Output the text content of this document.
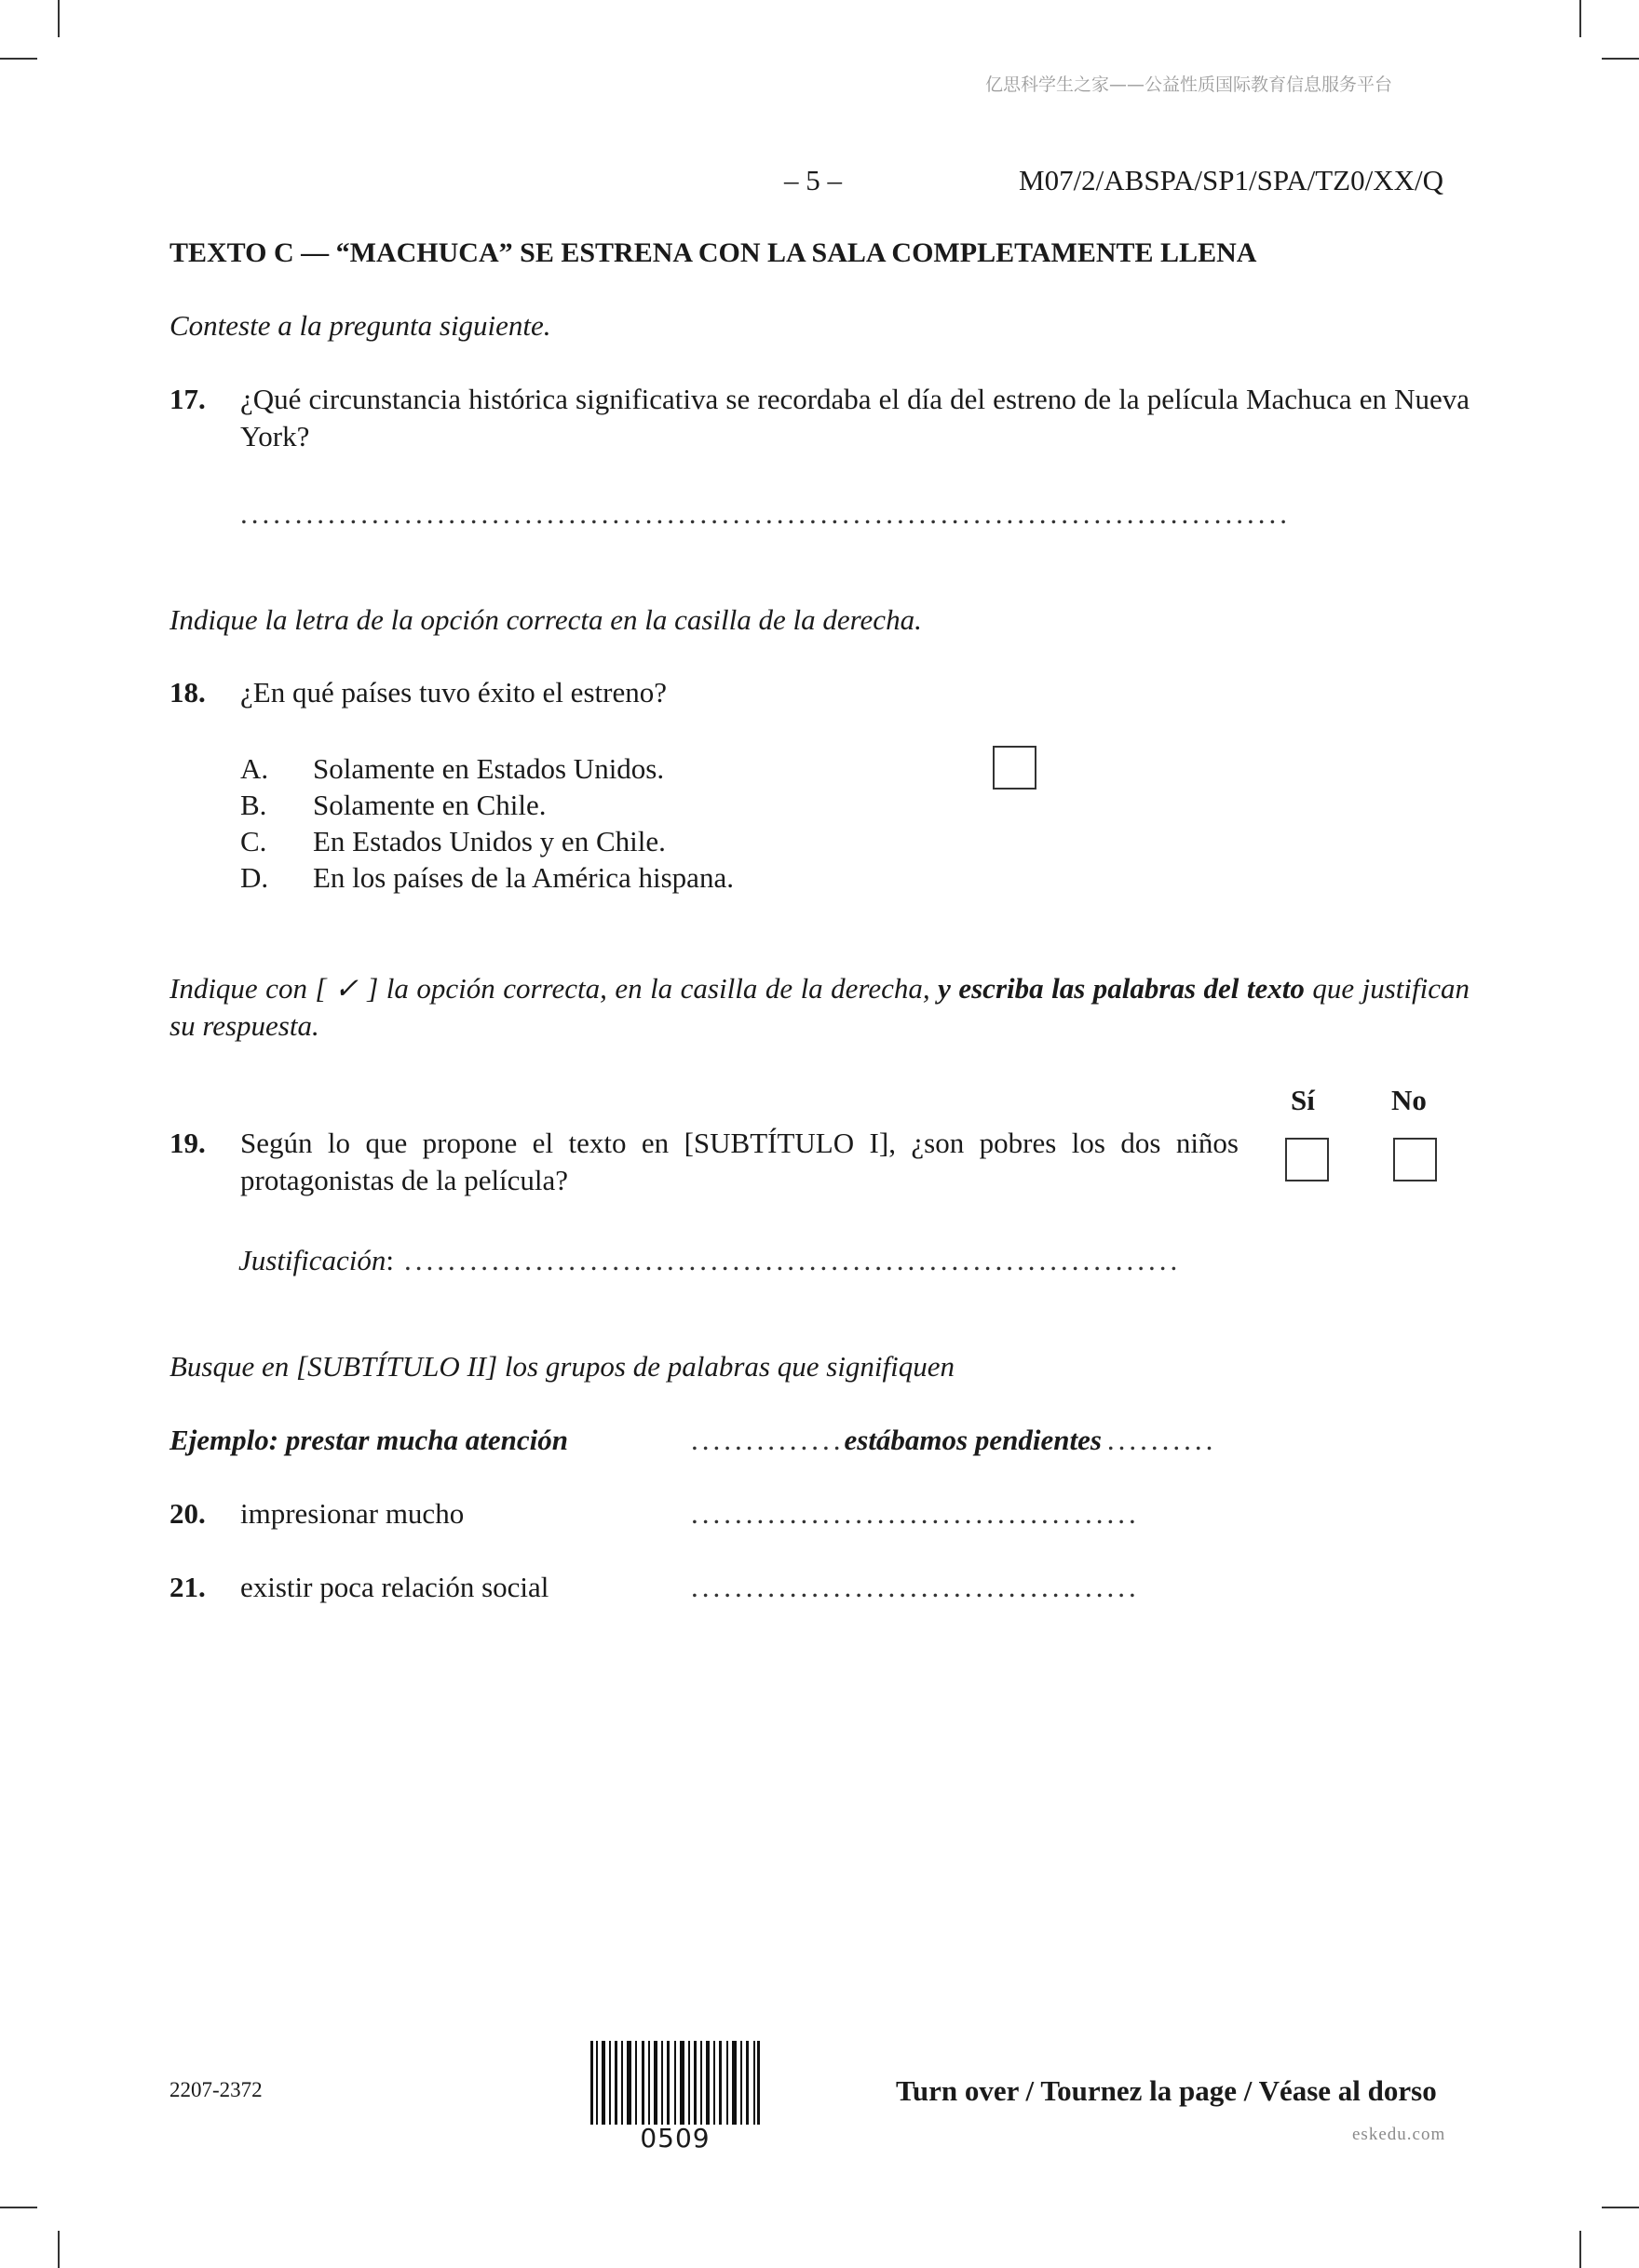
亿思科学生之家——公益性质国际教育信息服务平台
– 5 –	M07/2/ABSPA/SP1/SPA/TZ0/XX/Q
TEXTO C — “MACHUCA” SE ESTRENA CON LA SALA COMPLETAMENTE LLENA
Conteste a la pregunta siguiente.
17. ¿Qué circunstancia histórica significativa se recordaba el día del estreno de la película Machuca en Nueva York?
................................................................................................
Indique la letra de la opción correcta en la casilla de la derecha.
18. ¿En qué países tuvo éxito el estreno?
A. Solamente en Estados Unidos.
B. Solamente en Chile.
C. En Estados Unidos y en Chile.
D. En los países de la América hispana.
Indique con [ ✓ ] la opción correcta, en la casilla de la derecha, y escriba las palabras del texto que justifican su respuesta.
Sí	No
19. Según lo que propone el texto en [SUBTÍTULO I], ¿son pobres los dos niños protagonistas de la película?
Justificación: .......................................................................
Busque en [SUBTÍTULO II] los grupos de palabras que signifiquen
Ejemplo: prestar mucha atención	..............estábamos pendientes ..........
20. impresionar mucho	.........................................
21. existir poca relación social	.........................................
2207-2372
0509
Turn over / Tournez la page / Véase al dorso
eskedu.com
